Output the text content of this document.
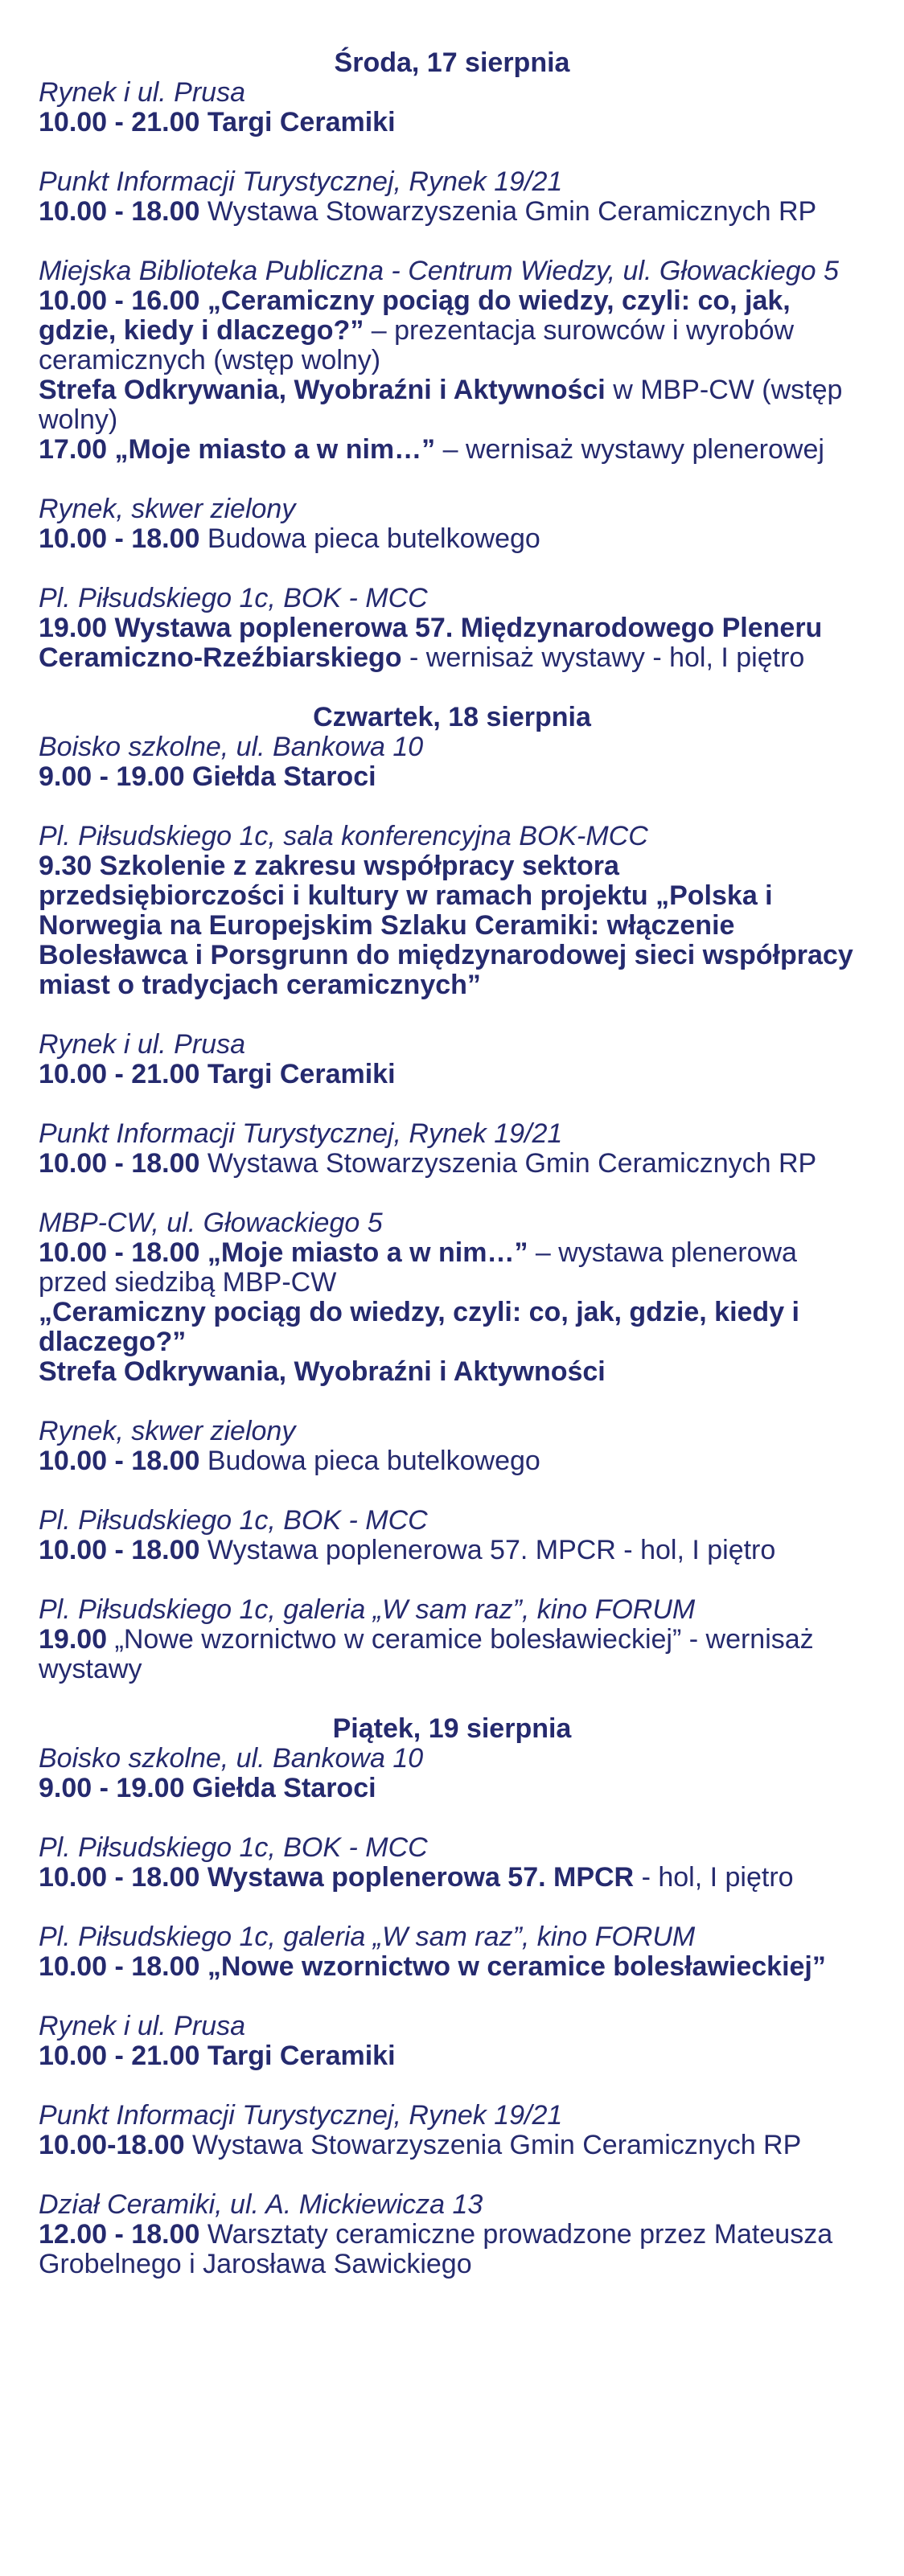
Środa, 17 sierpnia
Rynek i ul. Prusa
10.00 - 21.00 Targi Ceramiki
Punkt Informacji Turystycznej, Rynek 19/21
10.00 - 18.00 Wystawa Stowarzyszenia Gmin Ceramicznych RP
Miejska Biblioteka Publiczna - Centrum Wiedzy, ul. Głowackiego 5
10.00 - 16.00 „Ceramiczny pociąg do wiedzy, czyli: co, jak, gdzie, kiedy i dlaczego?” – prezentacja surowców i wyrobów ceramicznych (wstęp wolny)
Strefa Odkrywania, Wyobraźni i Aktywności w MBP-CW (wstęp wolny)
17.00 „Moje miasto a w nim…” – wernisaż wystawy plenerowej
Rynek, skwer zielony
10.00 - 18.00 Budowa pieca butelkowego
Pl. Piłsudskiego 1c, BOK - MCC
19.00 Wystawa poplenerowa 57. Międzynarodowego Pleneru Ceramiczno-Rzeźbiarskiego - wernisaż wystawy - hol, I piętro
Czwartek, 18 sierpnia
Boisko szkolne, ul. Bankowa 10
9.00 - 19.00 Giełda Staroci
Pl. Piłsudskiego 1c, sala konferencyjna BOK-MCC
9.30 Szkolenie z zakresu współpracy sektora przedsiębiorczości i kultury w ramach projektu „Polska i Norwegia na Europejskim Szlaku Ceramiki: włączenie Bolesławca i Porsgrunn do międzynarodowej sieci współpracy miast o tradycjach ceramicznych”
Rynek i ul. Prusa
10.00 - 21.00 Targi Ceramiki
Punkt Informacji Turystycznej, Rynek 19/21
10.00 - 18.00 Wystawa Stowarzyszenia Gmin Ceramicznych RP
MBP-CW, ul. Głowackiego 5
10.00 - 18.00 „Moje miasto a w nim…” – wystawa plenerowa przed siedzibą MBP-CW
„Ceramiczny pociąg do wiedzy, czyli: co, jak, gdzie, kiedy i dlaczego?”
Strefa Odkrywania, Wyobraźni i Aktywności
Rynek, skwer zielony
10.00 - 18.00 Budowa pieca butelkowego
Pl. Piłsudskiego 1c, BOK - MCC
10.00 - 18.00 Wystawa poplenerowa 57. MPCR - hol, I piętro
Pl. Piłsudskiego 1c, galeria „W sam raz”, kino FORUM
19.00 „Nowe wzornictwo w ceramice bolesławieckiej” - wernisaż wystawy
Piątek, 19 sierpnia
Boisko szkolne, ul. Bankowa 10
9.00 - 19.00 Giełda Staroci
Pl. Piłsudskiego 1c, BOK - MCC
10.00 - 18.00 Wystawa poplenerowa 57. MPCR - hol, I piętro
Pl. Piłsudskiego 1c, galeria „W sam raz”, kino FORUM
10.00 - 18.00 „Nowe wzornictwo w ceramice bolesławieckiej”
Rynek i ul. Prusa
10.00 - 21.00 Targi Ceramiki
Punkt Informacji Turystycznej, Rynek 19/21
10.00-18.00 Wystawa Stowarzyszenia Gmin Ceramicznych RP
Dział Ceramiki, ul. A. Mickiewicza 13
12.00 - 18.00 Warsztaty ceramiczne prowadzone przez Mateusza Grobelnego i Jarosława Sawickiego
